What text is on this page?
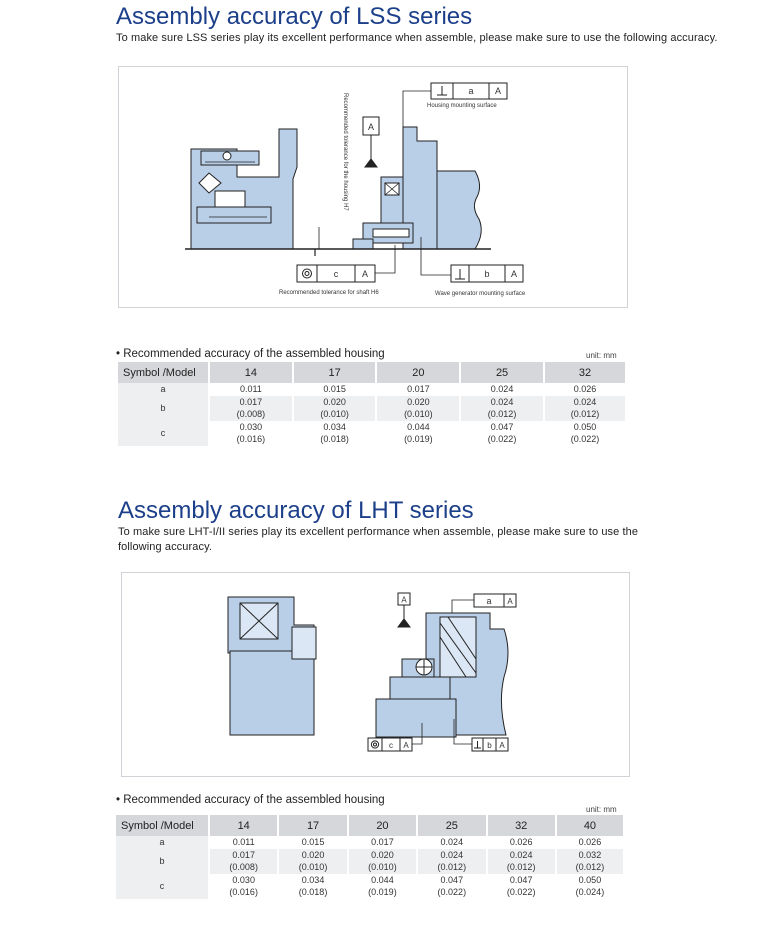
Assembly accuracy of LSS series
To make sure LSS series play its excellent performance when assemble, please make sure to use the following accuracy.
A
a A
Housing mounting surface
Recommended tolerance for the housing H7
c	A
Recommended tolerance for shaft H6
b A
Wave generator mounting surface
• Recommended accuracy of the assembled housing	unit: mm
Symbol /Model	14	17	20	25	32
a	0.011	0.015	0.017	0.024	0.026
b	0.017	0.020	0.020	0.024	0.024
	(0.008)	(0.010)	(0.010)	(0.012)	(0.012)
c	0.030	0.034	0.044	0.047	0.050
	(0.016)	(0.018)	(0.019)	(0.022)	(0.022)
Assembly accuracy of LHT series
To make sure LHT-I/II series play its excellent performance when assemble, please make sure to use the following accuracy.
A	a A
c A	b A
• Recommended accuracy of the assembled housing
unit: mm
Symbol /Model	14	17	20	25	32	40
a	0.011	0.015	0.017	0.024	0.026	0.026
b	0.017	0.020	0.020	0.024	0.024	0.032
	(0.008)	(0.010)	(0.010)	(0.012)	(0.012)	(0.012)
c	0.030	0.034	0.044	0.047	0.047	0.050
	(0.016)	(0.018)	(0.019)	(0.022)	(0.022)	(0.024)
